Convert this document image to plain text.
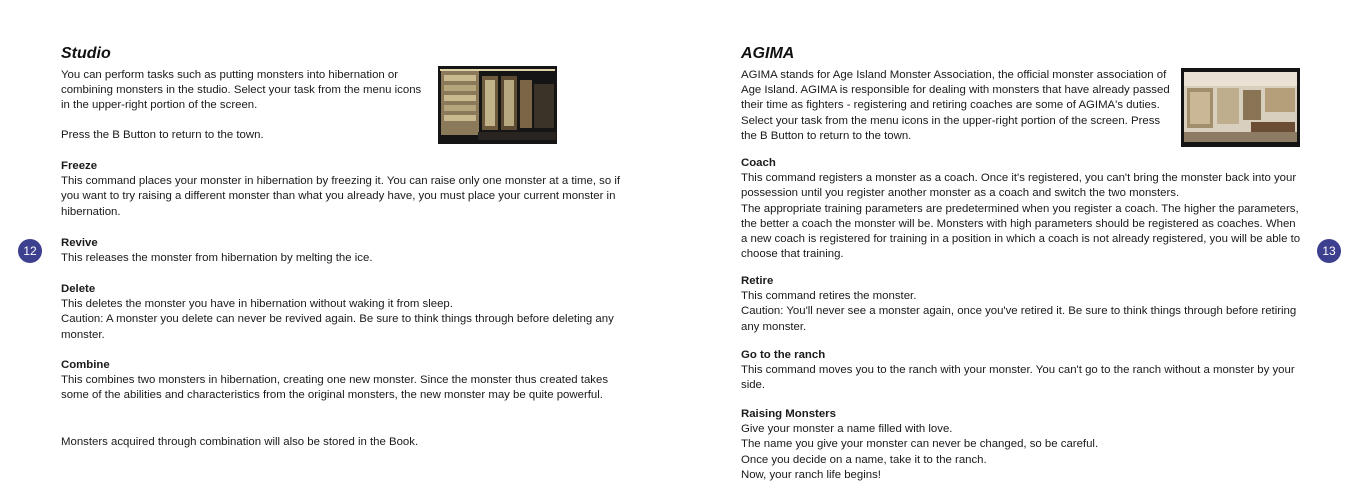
Studio

You can perform tasks such as putting monsters into hibernation or combining monsters in the studio. Select your task from the menu icons in the upper-right portion of the screen.

Press the B Button to return to the town.

Freeze
This command places your monster in hibernation by freezing it. You can raise only one monster at a time, so if you want to try raising a different monster than what you already have, you must place your current monster in hibernation.

Revive
This releases the monster from hibernation by melting the ice.

Delete
This deletes the monster you have in hibernation without waking it from sleep.
Caution: A monster you delete can never be revived again. Be sure to think things through before deleting any monster.

Combine
This combines two monsters in hibernation, creating one new monster. Since the monster thus created takes some of the abilities and characteristics from the original monsters, the new monster may be quite powerful.

Monsters acquired through combination will also be stored in the Book.

12
AGIMA

AGIMA stands for Age Island Monster Association, the official monster association of Age Island. AGIMA is responsible for dealing with monsters that have already passed their time as fighters - registering and retiring coaches are some of AGIMA's duties. Select your task from the menu icons in the upper-right portion of the screen. Press the B Button to return to the town.

Coach
This command registers a monster as a coach. Once it's registered, you can't bring the monster back into your possession until you register another monster as a coach and switch the two monsters.
The appropriate training parameters are predetermined when you register a coach. The higher the parameters, the better a coach the monster will be. Monsters with high parameters should be registered as coaches. When a new coach is registered for training in a position in which a coach is not already registered, you will be able to choose that training.

Retire
This command retires the monster.
Caution: You'll never see a monster again, once you've retired it. Be sure to think things through before retiring any monster.

Go to the ranch
This command moves you to the ranch with your monster. You can't go to the ranch without a monster by your side.

Raising Monsters
Give your monster a name filled with love.
The name you give your monster can never be changed, so be careful.
Once you decide on a name, take it to the ranch.
Now, your ranch life begins!

13
